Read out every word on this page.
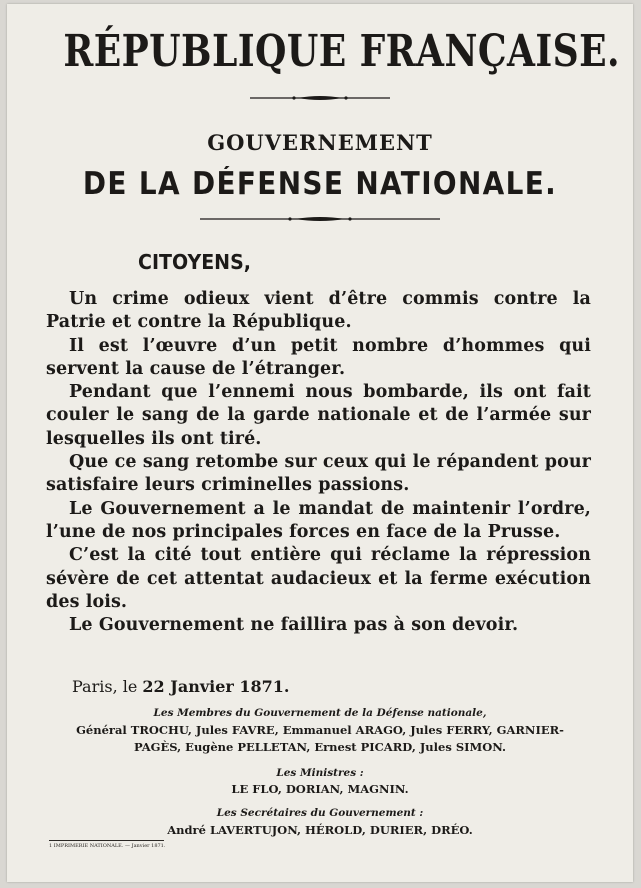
RÉPUBLIQUE FRANÇAISE.
GOUVERNEMENT
DE LA DÉFENSE NATIONALE.
CITOYENS,

Un crime odieux vient d’être commis contre la Patrie et contre la République.

Il est l’œuvre d’un petit nombre d’hommes qui servent la cause de l’étranger.

Pendant que l’ennemi nous bombarde, ils ont fait couler le sang de la garde nationale et de l’armée sur lesquelles ils ont tiré.

Que ce sang retombe sur ceux qui le répandent pour satisfaire leurs criminelles passions.

Le Gouvernement a le mandat de maintenir l’ordre, l’une de nos principales forces en face de la Prusse.

C’est la cité tout entière qui réclame la répression sévère de cet attentat audacieux et la ferme exécution des lois.

Le Gouvernement ne faillira pas à son devoir.

Paris, le 22 Janvier 1871.
Les Membres du Gouvernement de la Défense nationale,
Général TROCHU, Jules FAVRE, Emmanuel ARAGO, Jules FERRY, GARNIER-
PAGÈS, Eugène PELLETAN, Ernest PICARD, Jules SIMON.
Les Ministres :
LE FLO, DORIAN, MAGNIN.
Les Secrétaires du Gouvernement :
André LAVERTUJON, HÉROLD, DURIER, DRÉO.
1 IMPRIMERIE NATIONALE. — Janvier 1871.
